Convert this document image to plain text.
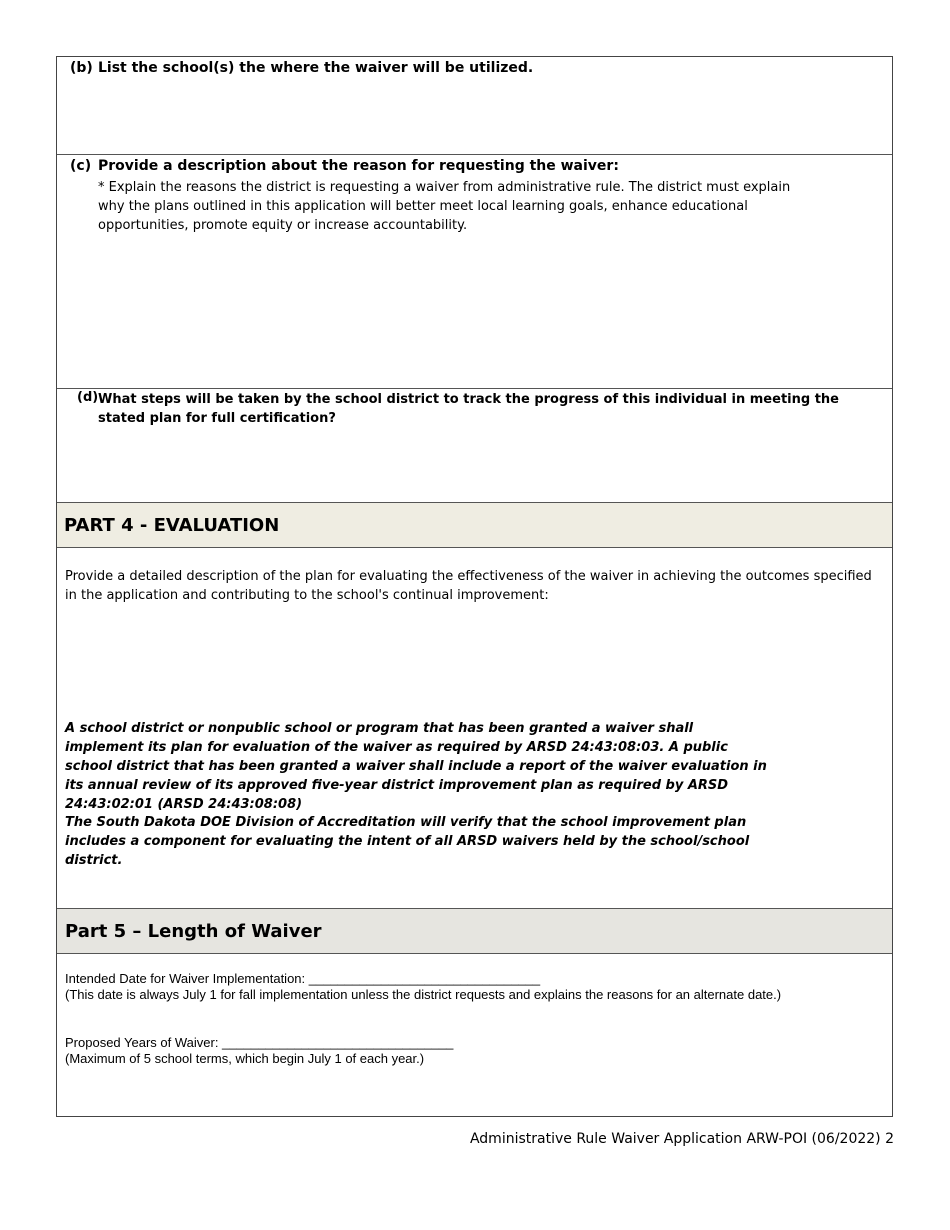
(b) List the school(s) the where the waiver will be utilized.
(c) Provide a description about the reason for requesting the waiver:
* Explain the reasons the district is requesting a waiver from administrative rule. The district must explain why the plans outlined in this application will better meet local learning goals, enhance educational opportunities, promote equity or increase accountability.
(d) What steps will be taken by the school district to track the progress of this individual in meeting the stated plan for full certification?
PART 4 - EVALUATION
Provide a detailed description of the plan for evaluating the effectiveness of the waiver in achieving the outcomes specified in the application and contributing to the school's continual improvement:
A school district or nonpublic school or program that has been granted a waiver shall implement its plan for evaluation of the waiver as required by ARSD 24:43:08:03. A public school district that has been granted a waiver shall include a report of the waiver evaluation in its annual review of its approved five-year district improvement plan as required by ARSD 24:43:02:01 (ARSD 24:43:08:08)
The South Dakota DOE Division of Accreditation will verify that the school improvement plan includes a component for evaluating the intent of all ARSD waivers held by the school/school district.
Part 5 – Length of Waiver
Intended Date for Waiver Implementation: ________________________________
(This date is always July 1 for fall implementation unless the district requests and explains the reasons for an alternate date.)
Proposed Years of Waiver: ________________________________
(Maximum of 5 school terms, which begin July 1 of each year.)
Administrative Rule Waiver Application ARW-POI (06/2022) 2
